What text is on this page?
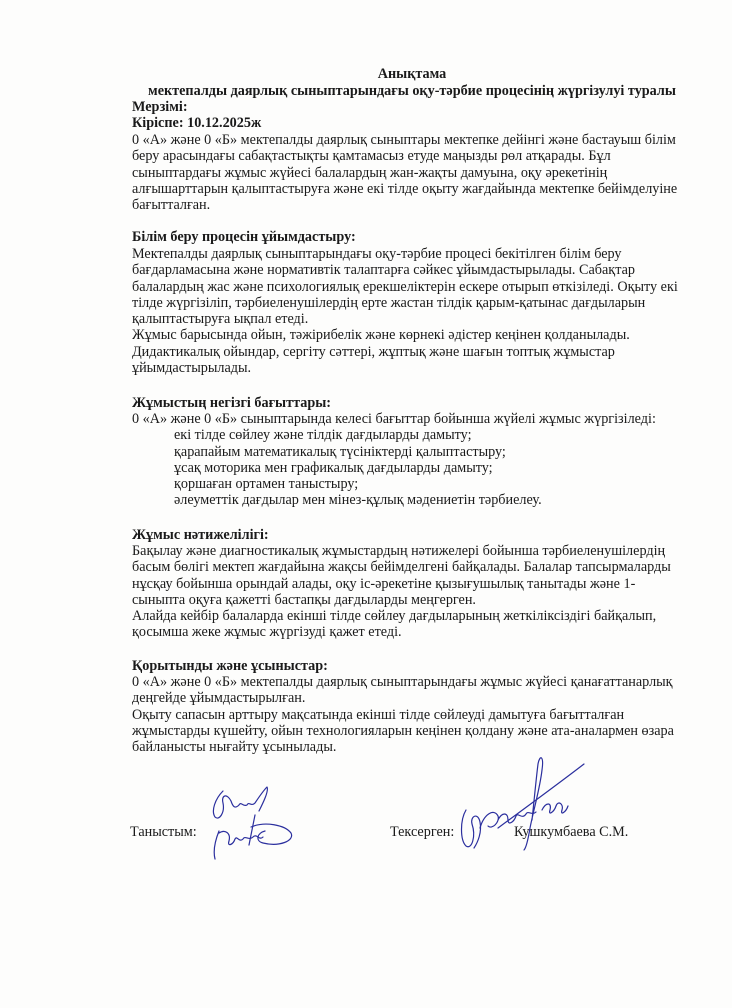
Анықтама
мектепалды даярлық сыныптарындағы оқу-тәрбие процесінің жүргізулуі туралы
Мерзімі:
Кіріспе: 10.12.2025ж
0 «А» және 0 «Б» мектепалды даярлық сыныптары мектепке дейінгі және бастауыш білім
беру арасындағы сабақтастықты қамтамасыз етуде маңызды рөл атқарады. Бұл
сыныптардағы жұмыс жүйесі балалардың жан-жақты дамуына, оқу әрекетінің
алғышарттарын қалыптастыруға және екі тілде оқыту жағдайында мектепке бейімделуіне
бағытталған.
Білім беру процесін ұйымдастыру:
Мектепалды даярлық сыныптарындағы оқу-тәрбие процесі бекітілген білім беру
бағдарламасына және нормативтік талаптарға сәйкес ұйымдастырылады. Сабақтар
балалардың жас және психологиялық ерекшеліктерін ескере отырып өткізіледі. Оқыту екі
тілде жүргізіліп, тәрбиеленушілердің ерте жастан тілдік қарым-қатынас дағдыларын
қалыптастыруға ықпал етеді.
Жұмыс барысында ойын, тәжірибелік және көрнекі әдістер кеңінен қолданылады.
Дидактикалық ойындар, сергіту сәттері, жұптық және шағын топтық жұмыстар
ұйымдастырылады.
Жұмыстың негізгі бағыттары:
0 «А» және 0 «Б» сыныптарында келесі бағыттар бойынша жүйелі жұмыс жүргізіледі:
екі тілде сөйлеу және тілдік дағдыларды дамыту;
қарапайым математикалық түсініктерді қалыптастыру;
ұсақ моторика мен графикалық дағдыларды дамыту;
қоршаған ортамен таныстыру;
әлеуметтік дағдылар мен мінез-құлық мәдениетін тәрбиелеу.
Жұмыс нәтижелілігі:
Бақылау және диагностикалық жұмыстардың нәтижелері бойынша тәрбиеленушілердің
басым бөлігі мектеп жағдайына жақсы бейімделгені байқалады. Балалар тапсырмаларды
нұсқау бойынша орындай алады, оқу іс-әрекетіне қызығушылық танытады және 1-
сыныпта оқуға қажетті бастапқы дағдыларды меңгерген.
Алайда кейбір балаларда екінші тілде сөйлеу дағдыларының жеткіліксіздігі байқалып,
қосымша жеке жұмыс жүргізуді қажет етеді.
Қорытынды және ұсыныстар:
0 «А» және 0 «Б» мектепалды даярлық сыныптарындағы жұмыс жүйесі қанағаттанарлық
деңгейде ұйымдастырылған.
Оқыту сапасын арттыру мақсатында екінші тілде сөйлеуді дамытуға бағытталған
жұмыстарды күшейту, ойын технологияларын кеңінен қолдану және ата-аналармен өзара
байланысты нығайту ұсынылады.
Таныстым:	Тексерген:	Кушкумбаева С.М.
